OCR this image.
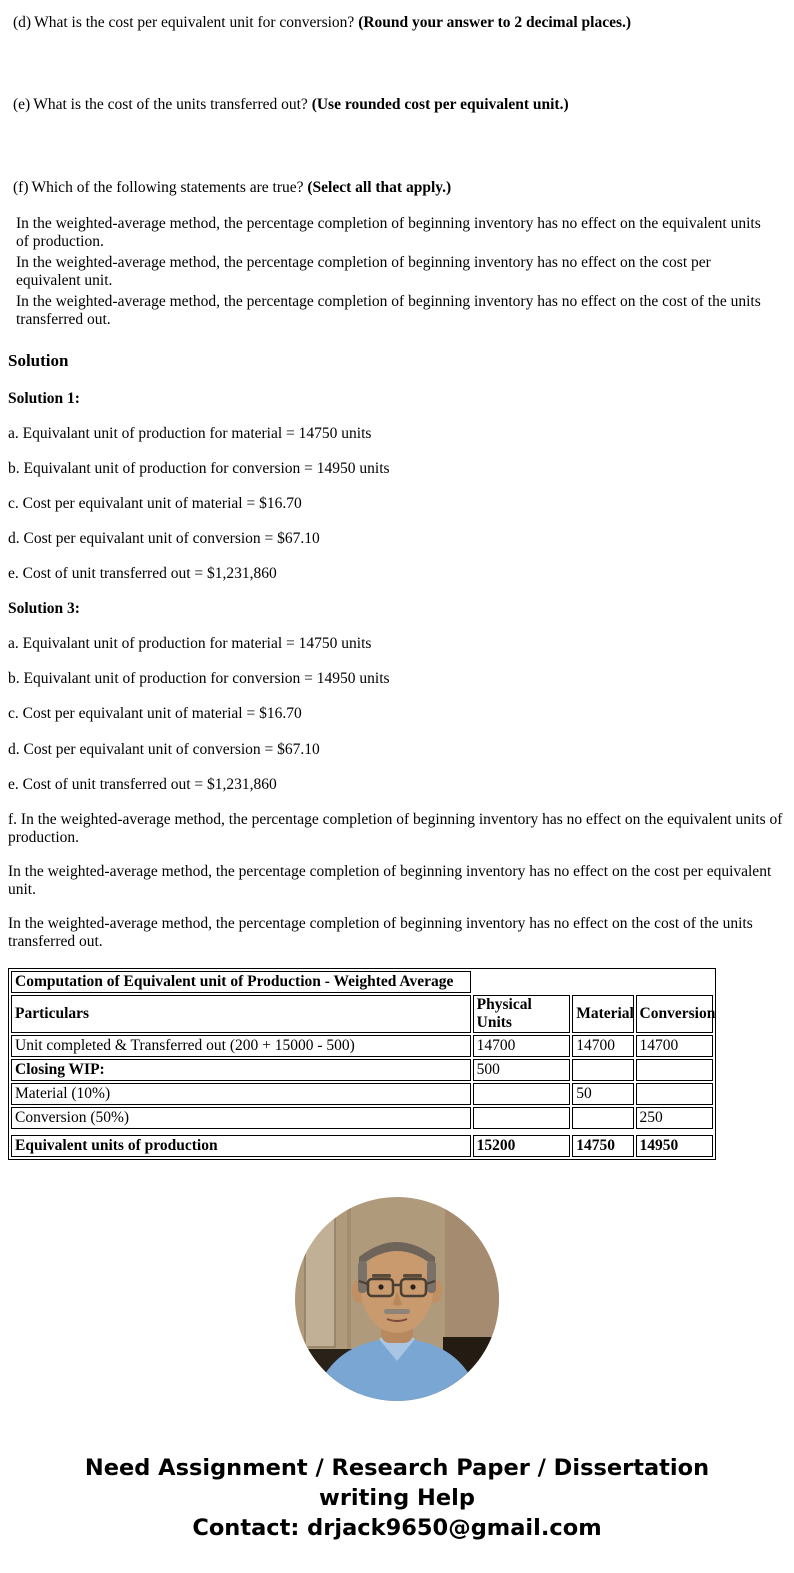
(d) What is the cost per equivalent unit for conversion? (Round your answer to 2 decimal places.)
(e) What is the cost of the units transferred out? (Use rounded cost per equivalent unit.)
(f) Which of the following statements are true? (Select all that apply.)

In the weighted-average method, the percentage completion of beginning inventory has no effect on the equivalent units of production.

In the weighted-average method, the percentage completion of beginning inventory has no effect on the cost per equivalent unit.

In the weighted-average method, the percentage completion of beginning inventory has no effect on the cost of the units transferred out.

Solution
Solution 1:

a. Equivalant unit of production for material = 14750 units

b. Equivalant unit of production for conversion = 14950 units

c. Cost per equivalant unit of material = $16.70

d. Cost per equivalant unit of conversion = $67.10

e. Cost of unit transferred out = $1,231,860

Solution 3:

a. Equivalant unit of production for material = 14750 units

b. Equivalant unit of production for conversion = 14950 units

c. Cost per equivalant unit of material = $16.70

d. Cost per equivalant unit of conversion = $67.10

e. Cost of unit transferred out = $1,231,860

f. In the weighted-average method, the percentage completion of beginning inventory has no effect on the equivalent units of production.

In the weighted-average method, the percentage completion of beginning inventory has no effect on the cost per equivalent unit.

In the weighted-average method, the percentage completion of beginning inventory has no effect on the cost of the units transferred out.

Computation of Equivalent unit of Production - Weighted Average			
Particulars	Physical Units	Material	Conversion
Unit completed & Transferred out (200 + 15000 - 500)	14700	14700	14700
Closing WIP:	500		
Material (10%)		50	
Conversion (50%)			250

Equivalent units of production	15200	14750	14950
Need Assignment / Research Paper / Dissertation writing Help
Contact: drjack9650@gmail.com
